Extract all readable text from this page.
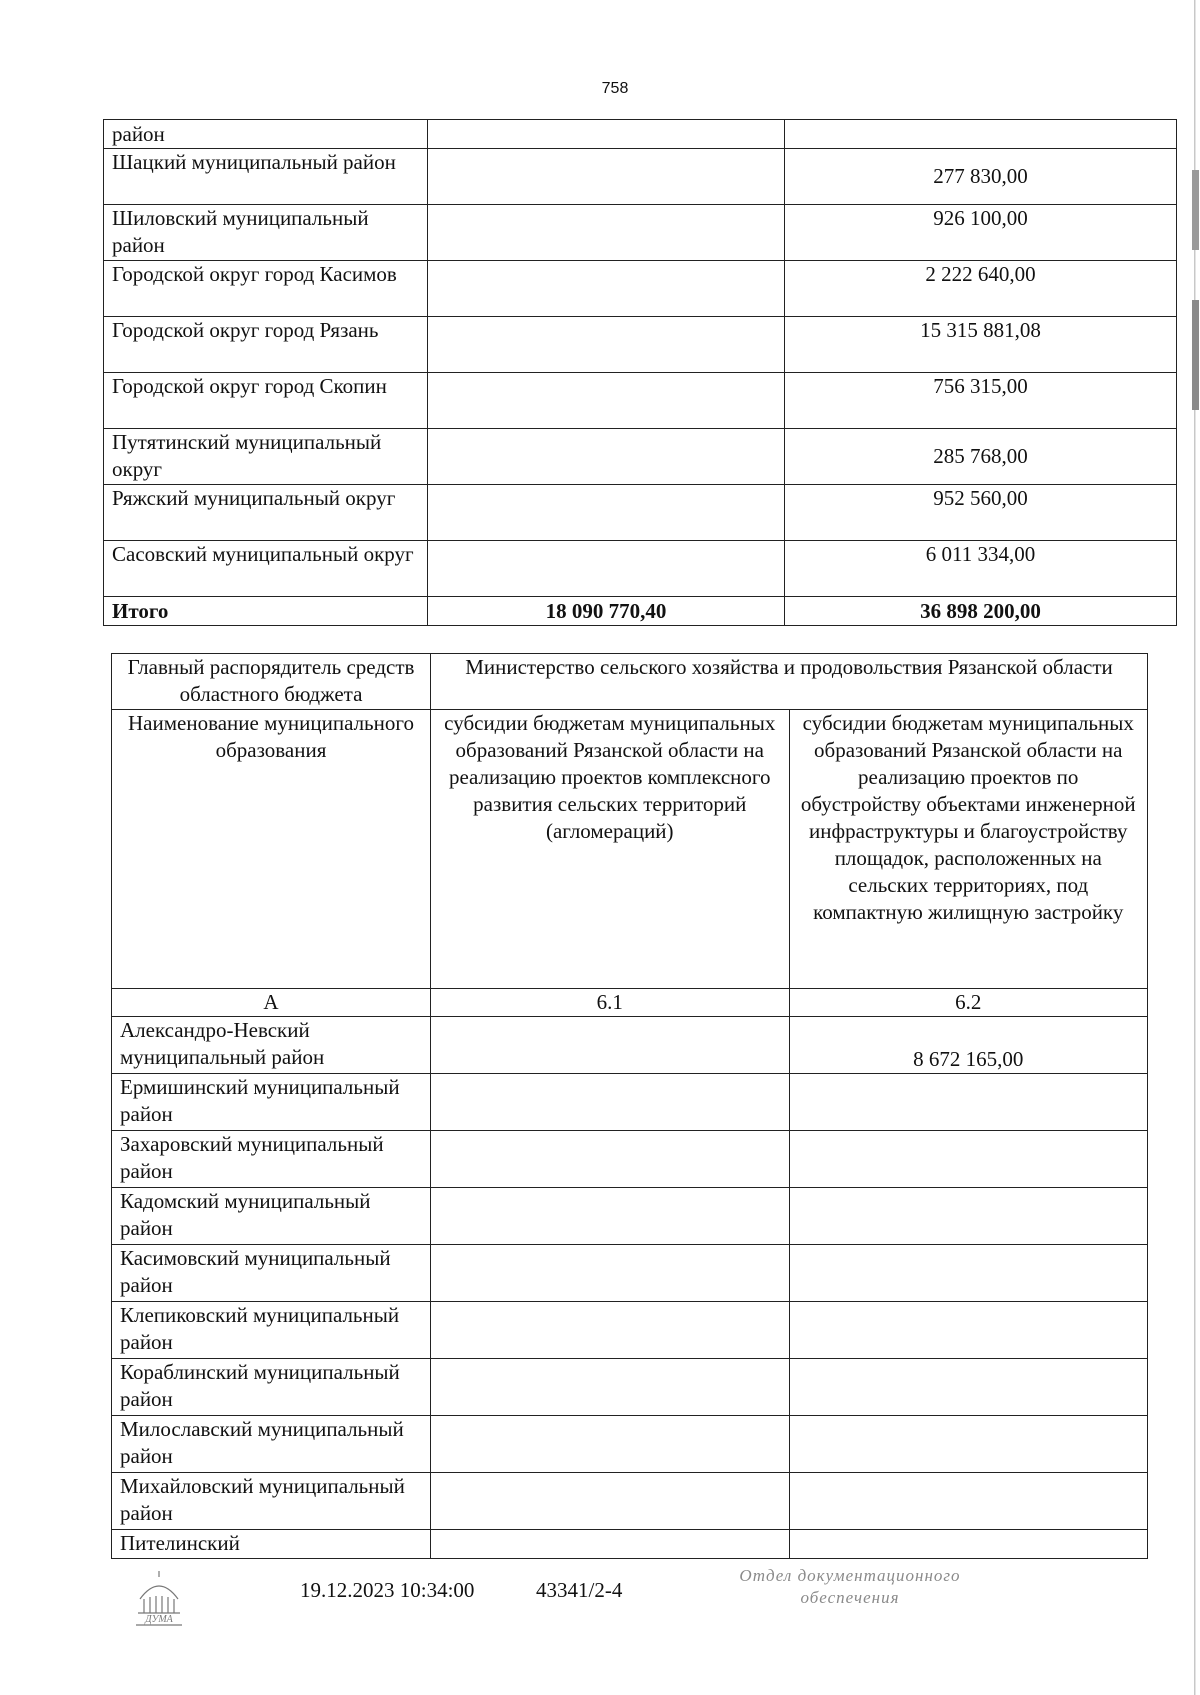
758
район		
Шацкий муниципальный район		277 830,00
Шиловский муниципальный район		926 100,00
Городской округ город Касимов		2 222 640,00
Городской округ город Рязань		15 315 881,08
Городской округ город Скопин		756 315,00
Путятинский муниципальный округ		285 768,00
Ряжский муниципальный округ		952 560,00
Сасовский муниципальный округ		6 011 334,00
Итого	18 090 770,40	36 898 200,00
Главный распорядитель средств областного бюджета	Министерство сельского хозяйства и продовольствия Рязанской области	
Наименование муниципального образования	субсидии бюджетам муниципальных образований Рязанской области на реализацию проектов комплексного развития сельских территорий (агломераций)	субсидии бюджетам муниципальных образований Рязанской области на реализацию проектов по обустройству объектами инженерной инфраструктуры и благоустройству площадок, расположенных на сельских территориях, под компактную жилищную застройку
А	6.1	6.2
Александро-Невский муниципальный район		8 672 165,00
Ермишинский муниципальный район		
Захаровский муниципальный район		
Кадомский муниципальный район		
Касимовский муниципальный район		
Клепиковский муниципальный район		
Кораблинский муниципальный район		
Милославский муниципальный район		
Михайловский муниципальный район		
Пителинский		
ДУМА
19.12.2023 10:34:00	43341/2-4
Отдел документационного
обеспечения
